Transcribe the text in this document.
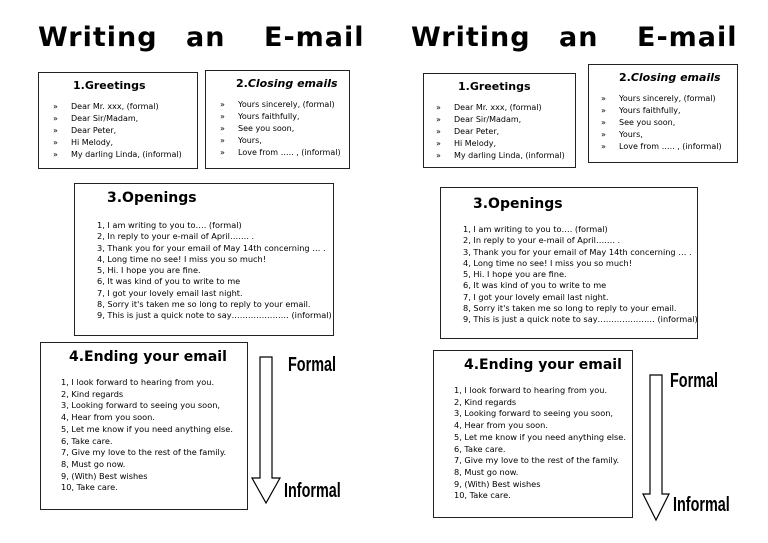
Writing an E-mail
1.Greetings
» Dear Mr. xxx, (formal)
» Dear Sir/Madam,
» Dear Peter,
» Hi Melody,
» My darling Linda, (informal)
2.Closing emails
» Yours sincerely, (formal)
» Yours faithfully,
» See you soon,
» Yours,
» Love from ….. , (informal)
3.Openings
1, I am writing to you to…. (formal)
2, In reply to your e-mail of April……. .
3, Thank you for your email of May 14th concerning … .
4, Long time no see! I miss you so much!
5, Hi. I hope you are fine.
6, It was kind of you to write to me
7, I got your lovely email last night.
8, Sorry it's taken me so long to reply to your email.
9, This is just a quick note to say………………… (informal)
4.Ending your email
1, I look forward to hearing from you.
2, Kind regards
3, Looking forward to seeing you soon,
4, Hear from you soon.
5, Let me know if you need anything else.
6, Take care.
7, Give my love to the rest of the family.
8, Must go now.
9, (With) Best wishes
10, Take care.
Formal
Informal
Writing an E-mail
1.Greetings
» Dear Mr. xxx, (formal)
» Dear Sir/Madam,
» Dear Peter,
» Hi Melody,
» My darling Linda, (informal)
2.Closing emails
» Yours sincerely, (formal)
» Yours faithfully,
» See you soon,
» Yours,
» Love from ….. , (informal)
3.Openings
1, I am writing to you to…. (formal)
2, In reply to your e-mail of April……. .
3, Thank you for your email of May 14th concerning … .
4, Long time no see! I miss you so much!
5, Hi. I hope you are fine.
6, It was kind of you to write to me
7, I got your lovely email last night.
8, Sorry it's taken me so long to reply to your email.
9, This is just a quick note to say………………… (informal)
4.Ending your email
1, I look forward to hearing from you.
2, Kind regards
3, Looking forward to seeing you soon,
4, Hear from you soon.
5, Let me know if you need anything else.
6, Take care.
7, Give my love to the rest of the family.
8, Must go now.
9, (With) Best wishes
10, Take care.
Formal
Informal
